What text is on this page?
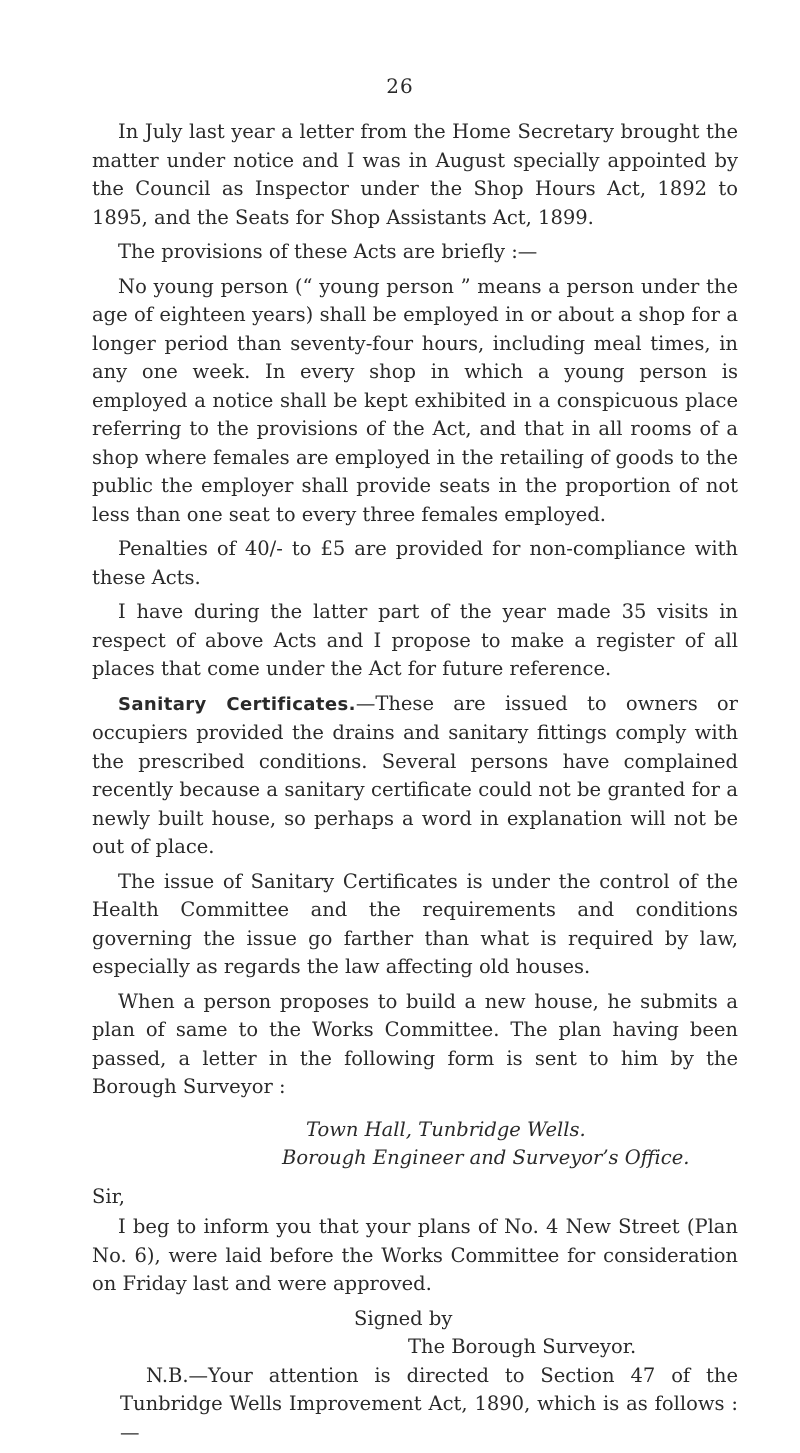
26

In July last year a letter from the Home Secretary brought the matter under notice and I was in August specially appointed by the Council as Inspector under the Shop Hours Act, 1892 to 1895, and the Seats for Shop Assistants Act, 1899.

The provisions of these Acts are briefly :—

No young person (“ young person ” means a person under the age of eighteen years) shall be employed in or about a shop for a longer period than seventy-four hours, including meal times, in any one week. In every shop in which a young person is employed a notice shall be kept exhibited in a conspicuous place referring to the provisions of the Act, and that in all rooms of a shop where females are employed in the retailing of goods to the public the employer shall provide seats in the proportion of not less than one seat to every three females employed.

Penalties of 40/- to £5 are provided for non-compliance with these Acts.

I have during the latter part of the year made 35 visits in respect of above Acts and I propose to make a register of all places that come under the Act for future reference.

Sanitary Certificates.—These are issued to owners or occupiers provided the drains and sanitary fittings comply with the prescribed conditions. Several persons have complained recently because a sanitary certificate could not be granted for a newly built house, so perhaps a word in explanation will not be out of place.

The issue of Sanitary Certificates is under the control of the Health Committee and the requirements and conditions governing the issue go farther than what is required by law, especially as regards the law affecting old houses.

When a person proposes to build a new house, he submits a plan of same to the Works Committee. The plan having been passed, a letter in the following form is sent to him by the Borough Surveyor :

Town Hall, Tunbridge Wells.
Borough Engineer and Surveyor’s Office.
Sir,

I beg to inform you that your plans of No. 4 New Street (Plan No. 6), were laid before the Works Committee for consideration on Friday last and were approved.

Signed by
The Borough Surveyor.

N.B.—Your attention is directed to Section 47 of the Tunbridge Wells Improvement Act, 1890, which is as follows : —
